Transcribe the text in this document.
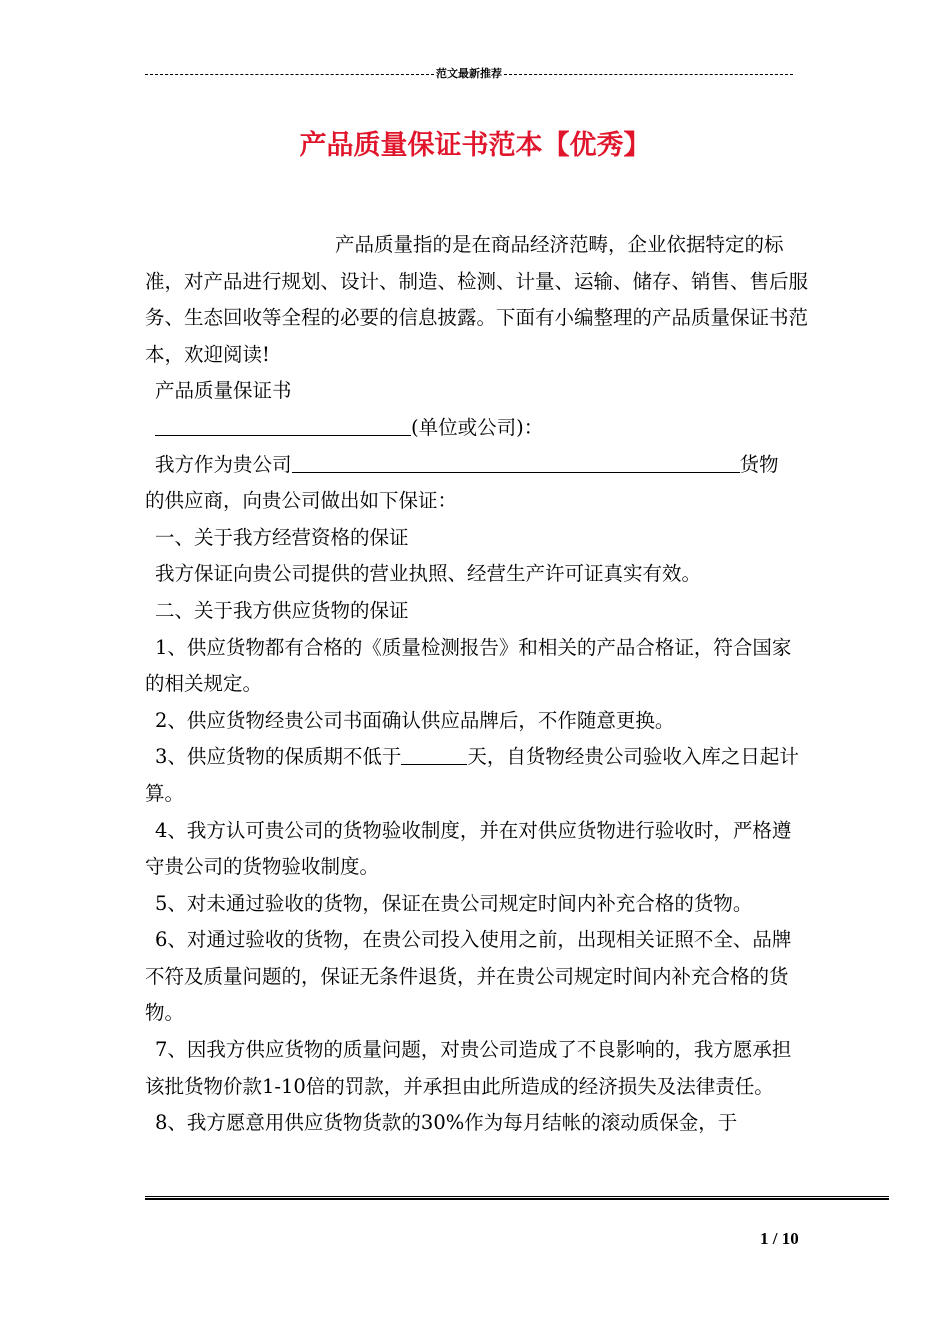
范文最新推荐
产品质量保证书范本【优秀】

产品质量指的是在商品经济范畴，企业依据特定的标准，对产品进行规划、设计、制造、检测、计量、运输、储存、销售、售后服务、生态回收等全程的必要的信息披露。下面有小编整理的产品质量保证书范本，欢迎阅读!

产品质量保证书

(单位或公司)：

我方作为贵公司	货物

的供应商，向贵公司做出如下保证：

一、关于我方经营资格的保证

我方保证向贵公司提供的营业执照、经营生产许可证真实有效。

二、关于我方供应货物的保证

1、供应货物都有合格的《质量检测报告》和相关的产品合格证，符合国家的相关规定。

2、供应货物经贵公司书面确认供应品牌后，不作随意更换。

3、供应货物的保质期不低于	天，自货物经贵公司验收入库之日起计算。

4、我方认可贵公司的货物验收制度，并在对供应货物进行验收时，严格遵守贵公司的货物验收制度。

5、对未通过验收的货物，保证在贵公司规定时间内补充合格的货物。

6、对通过验收的货物，在贵公司投入使用之前，出现相关证照不全、品牌不符及质量问题的，保证无条件退货，并在贵公司规定时间内补充合格的货物。

7、因我方供应货物的质量问题，对贵公司造成了不良影响的，我方愿承担该批货物价款1-10倍的罚款，并承担由此所造成的经济损失及法律责任。

8、我方愿意用供应货物货款的30%作为每月结帐的滚动质保金，于

1 / 10
